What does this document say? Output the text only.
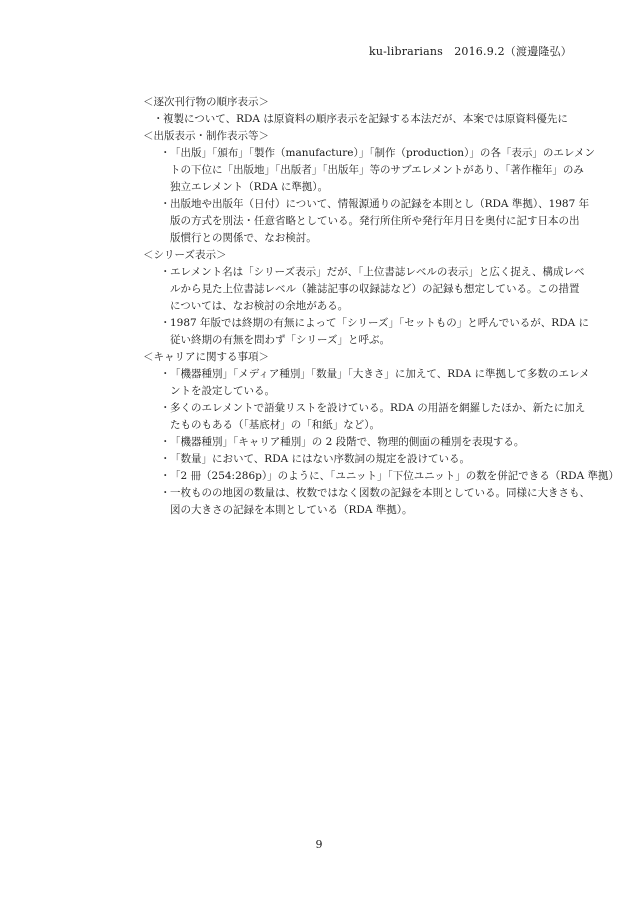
ku-librarians　2016.9.2（渡邊隆弘）
＜逐次刊行物の順序表示＞
・ 複製について、RDA は原資料の順序表示を記録する本法だが、本案では原資料優先に
＜出版表示・制作表示等＞
・ 「出版」「頒布」「製作（manufacture）」「制作（production）」の各「表示」のエレメン
トの下位に「出版地」「出版者」「出版年」等のサブエレメントがあり、「著作権年」のみ
独立エレメント（RDA に準拠）。
・ 出版地や出版年（日付）について、情報源通りの記録を本則とし（RDA 準拠）、1987 年
版の方式を別法・任意省略としている。発行所住所や発行年月日を奥付に記す日本の出
版慣行との関係で、なお検討。
＜シリーズ表示＞
・ エレメント名は「シリーズ表示」だが、「上位書誌レベルの表示」と広く捉え、構成レベ
ルから見た上位書誌レベル（雑誌記事の収録誌など）の記録も想定している。この措置
については、なお検討の余地がある。
・ 1987 年版では終期の有無によって「シリーズ」「セットもの」と呼んでいるが、RDA に
従い終期の有無を問わず「シリーズ」と呼ぶ。
＜キャリアに関する事項＞
・ 「機器種別」「メディア種別」「数量」「大きさ」に加えて、RDA に準拠して多数のエレメ
ントを設定している。
・ 多くのエレメントで語彙リストを設けている。RDA の用語を網羅したほか、新たに加え
たものもある（「基底材」の「和紙」など）。
・ 「機器種別」「キャリア種別」の 2 段階で、物理的側面の種別を表現する。
・ 「数量」において、RDA にはない序数詞の規定を設けている。
・ 「2 冊（254:286p）」のように、「ユニット」「下位ユニット」の数を併記できる（RDA 準拠）
・ 一枚ものの地図の数量は、枚数ではなく図数の記録を本則としている。同様に大きさも、
図の大きさの記録を本則としている（RDA 準拠）。
9
